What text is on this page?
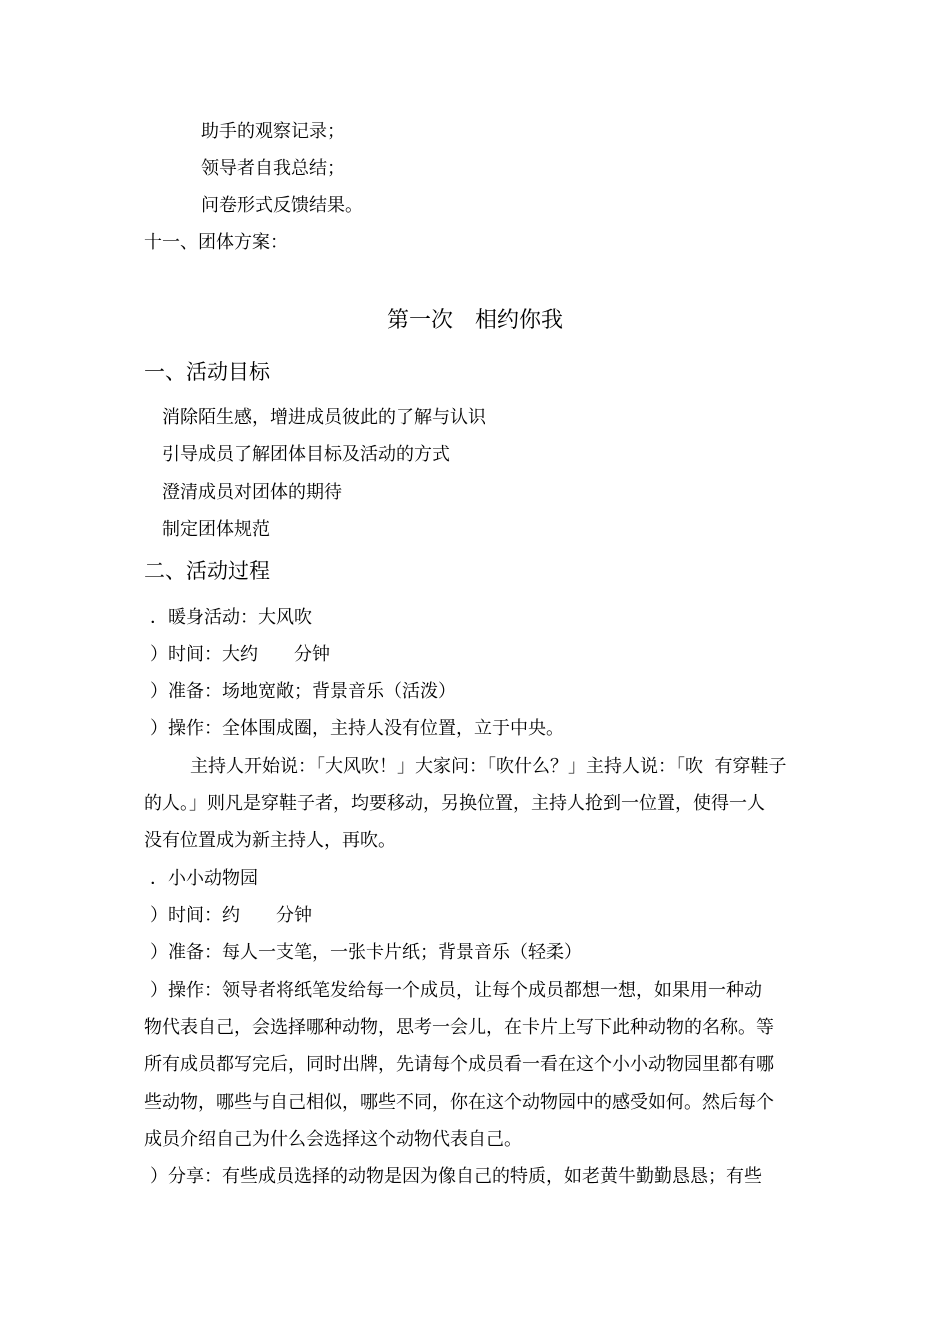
助手的观察记录；
领导者自我总结；
问卷形式反馈结果。
十一、团体方案：
第一次　相约你我
一、活动目标
消除陌生感，增进成员彼此的了解与认识
引导成员了解团体目标及活动的方式
澄清成员对团体的期待
制定团体规范
二、活动过程
．暖身活动：大风吹
）时间：大约　　分钟
）准备：场地宽敞；背景音乐（活泼）
）操作：全体围成圈，主持人没有位置，立于中央。
主持人开始说：「大风吹！」大家问：「吹什么？」主持人说：「吹  有穿鞋子
的人。」则凡是穿鞋子者，均要移动，另换位置，主持人抢到一位置，使得一人
没有位置成为新主持人，再吹。
．小小动物园
）时间：约　　分钟
）准备：每人一支笔，一张卡片纸；背景音乐（轻柔）
）操作：领导者将纸笔发给每一个成员，让每个成员都想一想，如果用一种动
物代表自己，会选择哪种动物，思考一会儿，在卡片上写下此种动物的名称。等
所有成员都写完后，同时出牌，先请每个成员看一看在这个小小动物园里都有哪
些动物，哪些与自己相似，哪些不同，你在这个动物园中的感受如何。然后每个
成员介绍自己为什么会选择这个动物代表自己。
）分享：有些成员选择的动物是因为像自己的特质，如老黄牛勤勤恳恳；有些
